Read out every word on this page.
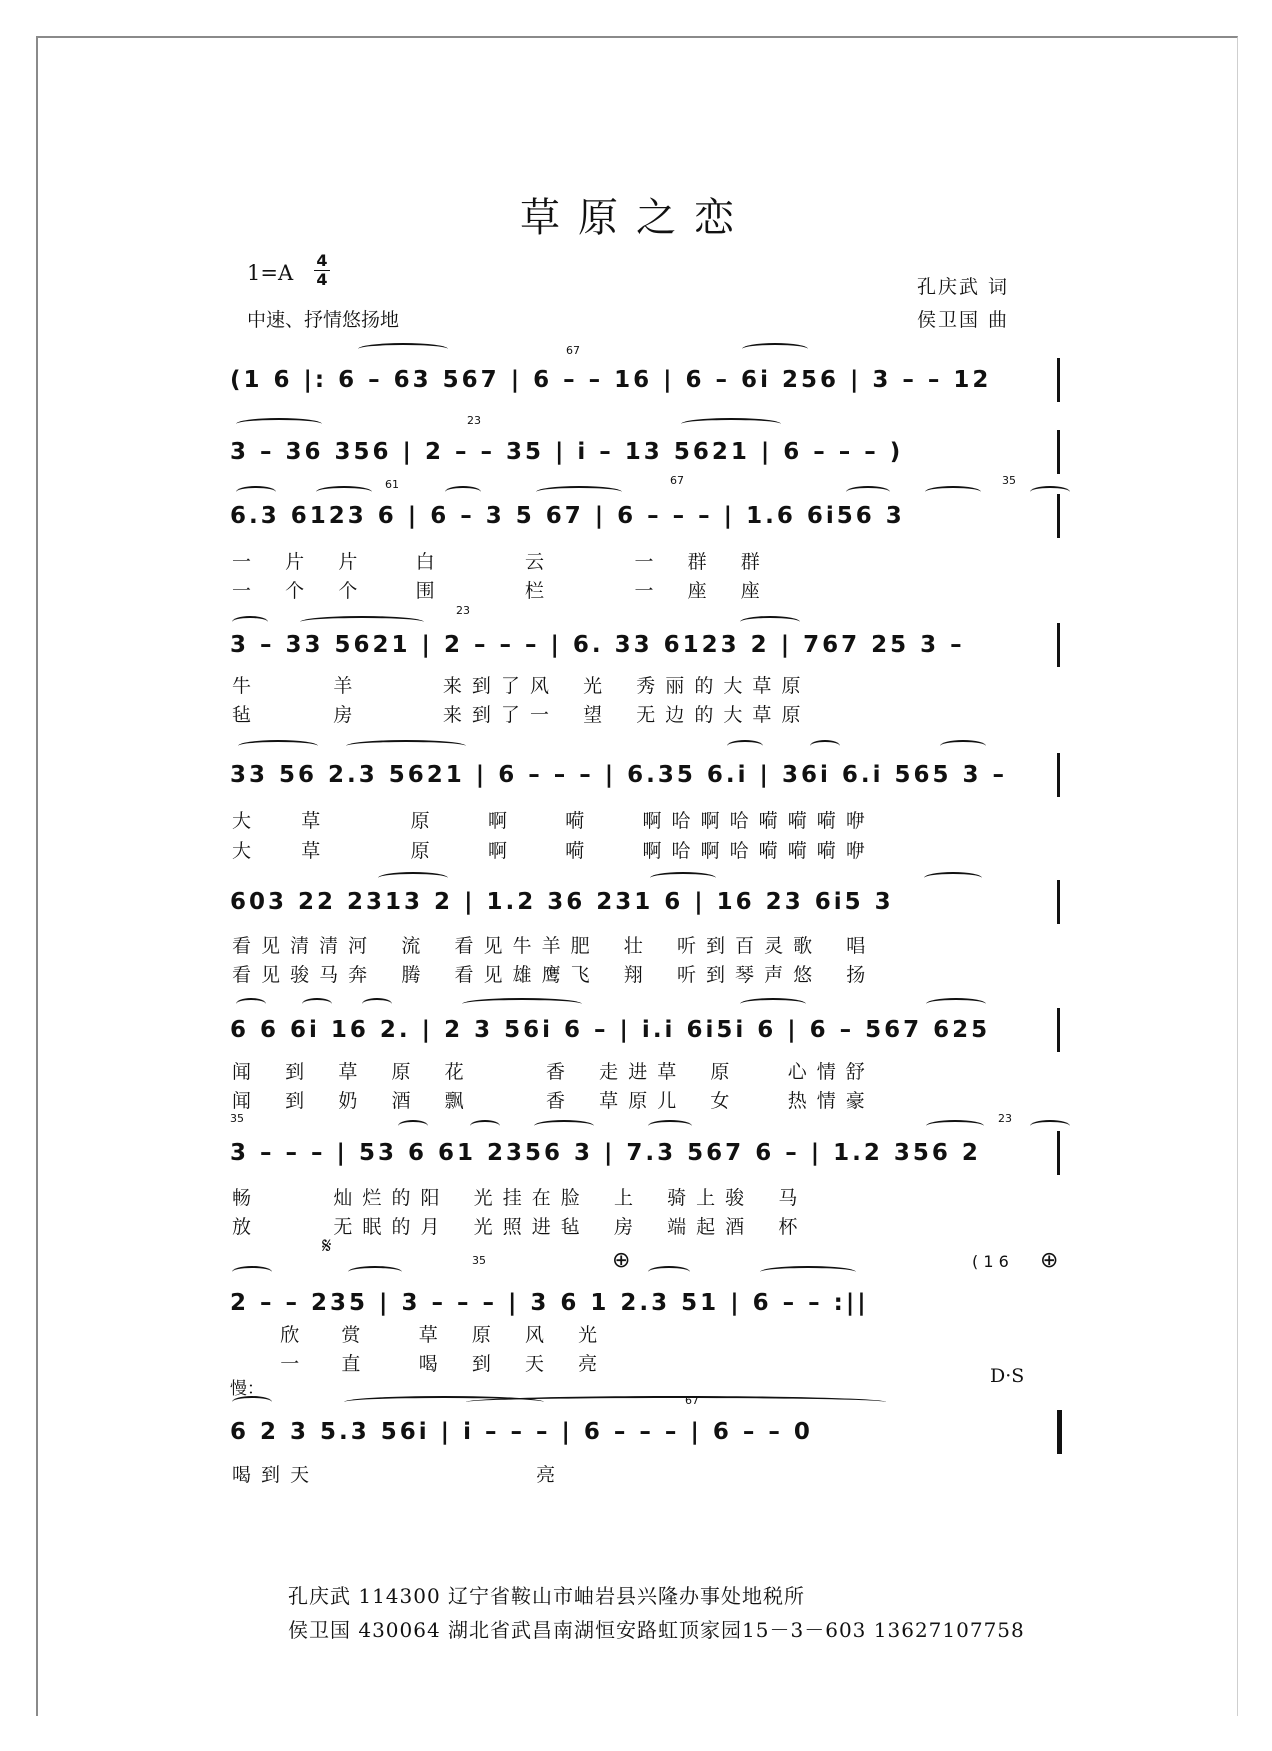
草原之恋
1=A
4
4
中速、抒情悠扬地
孔庆武 词
侯卫国 曲
(1 6 |: 6 – 63 567 | 6 – – 16 | 6 – 6i 256 | 3 – – 12
67
3 – 36 356 | 2 – – 35 | i – 13 5621 | 6 – – – )
23
6.3 6123 6 | 6 – 3 5 67 | 6 – – – | 1.6 6i56 3
61	67	35
一    片    片       白           云           一    群    群
一    个    个       围           栏           一    座    座
3 – 33 5621 | 2 – – – | 6. 33 6123 2 | 767 25 3 –
23
牛          羊           来 到 了 风    光    秀 丽 的 大 草 原
毡          房           来 到 了 一    望    无 边 的 大 草 原
33 56 2.3 5621 | 6 – – – | 6.35 6.i | 36i 6.i 565 3 –
大      草           原       啊       嗬       啊 哈 啊 哈 嗬 嗬 嗬 咿
大      草           原       啊       嗬       啊 哈 啊 哈 嗬 嗬 嗬 咿
603 22 2313 2 | 1.2 36 231 6 | 16 23 6i5 3
看 见 清 清 河    流    看 见 牛 羊 肥    壮    听 到 百 灵 歌    唱
看 见 骏 马 奔    腾    看 见 雄 鹰 飞    翔    听 到 琴 声 悠    扬
6 6 6i 16 2. | 2 3 56i 6 – | i.i 6i5i 6 | 6 – 567 625
闻    到    草    原    花          香    走 进 草    原       心 情 舒
闻    到    奶    酒    飘          香    草 原 儿    女       热 情 豪
3 – – – | 53 6 61 2356 3 | 7.3 567 6 – | 1.2 356 2
35	23
畅          灿 烂 的 阳    光 挂 在 脸    上    骑 上 骏    马
放          无 眠 的 月    光 照 进 毡    房    端 起 酒    杯
𝄋
⊕	⊕
( 1 6
2 – – 235 | 3 – – – | 3 6 1 2.3 51 | 6 – – :||
35
欣     赏       草    原    风    光
一     直       喝    到    天    亮
D·S
慢：
6 2 3 5.3 56i | i – – – | 6 – – – | 6 – – 0
67
喝 到 天                            亮
孔庆武 114300 辽宁省鞍山市岫岩县兴隆办事处地税所
侯卫国 430064 湖北省武昌南湖恒安路虹顶家园15－3－603 13627107758
